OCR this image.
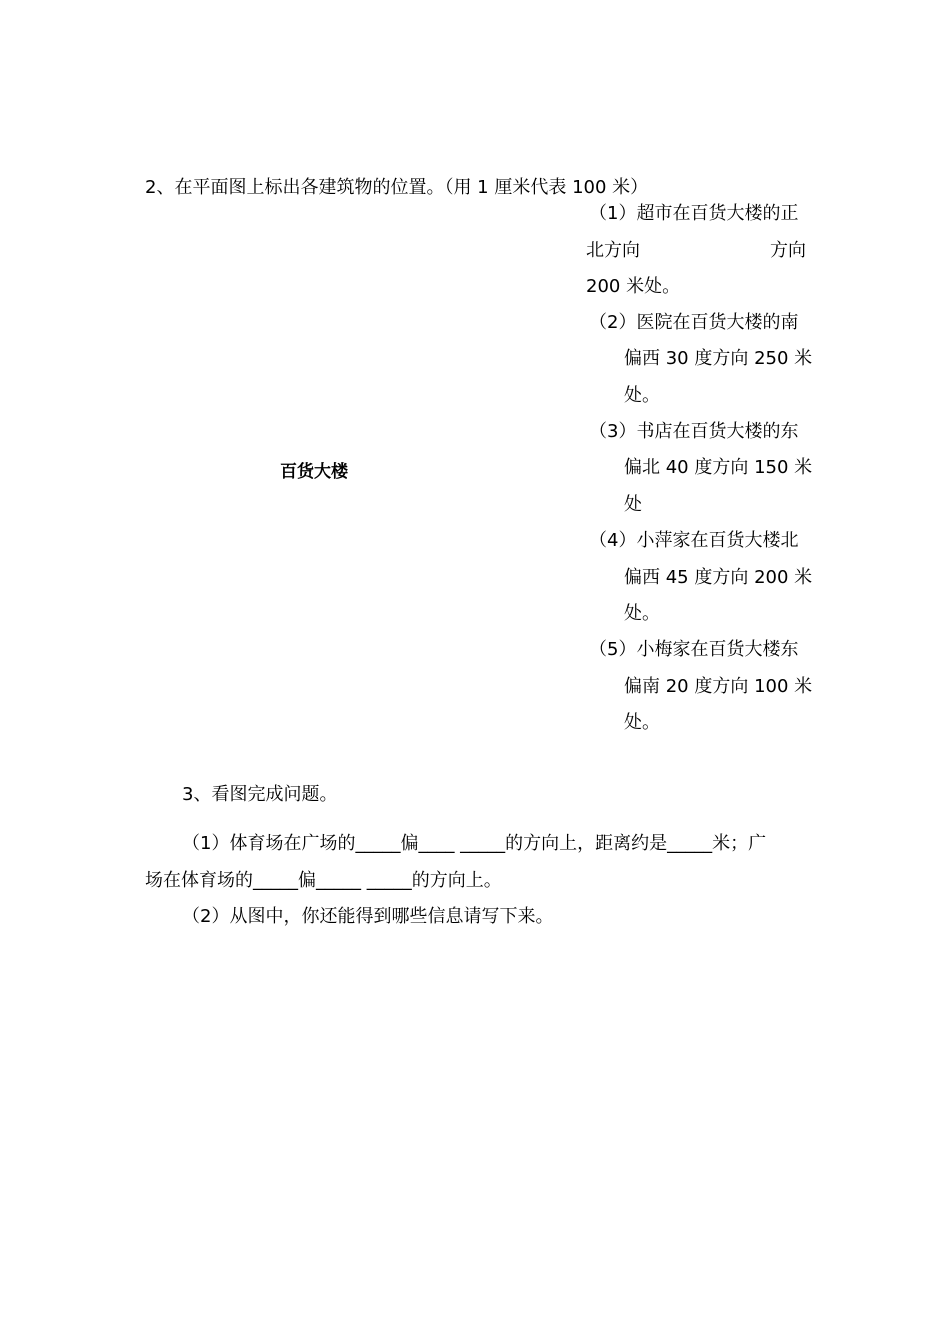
2、在平面图上标出各建筑物的位置。（用 1 厘米代表 100 米）
百货大楼
（1）超市在百货大楼的正
北方向	方向
200 米处。
（2）医院在百货大楼的南
偏西 30 度方向 250 米
处。
（3）书店在百货大楼的东
偏北 40 度方向 150 米
处
（4）小萍家在百货大楼北
偏西 45 度方向 200 米
处。
（5）小梅家在百货大楼东
偏南 20 度方向 100 米
处。
3、看图完成问题。
（1）体育场在广场的_____偏____ _____的方向上，距离约是_____米；广
场在体育场的_____偏_____ _____的方向上。
（2）从图中，你还能得到哪些信息请写下来。
